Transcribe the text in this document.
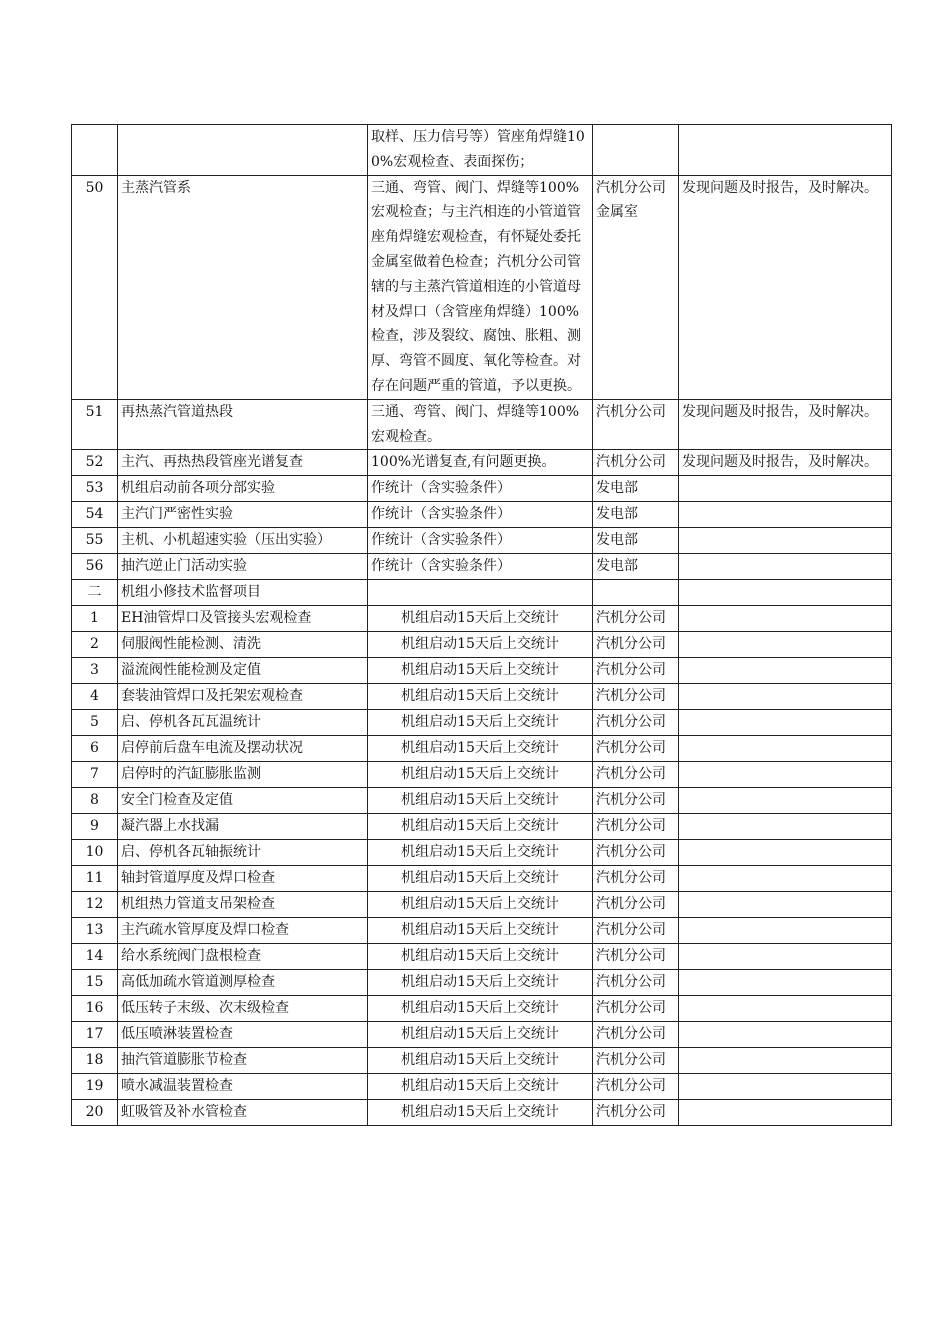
		取样、压力信号等）管座角焊缝100%宏观检查、表面探伤；		
50	主蒸汽管系	三通、弯管、阀门、焊缝等100%宏观检查；与主汽相连的小管道管座角焊缝宏观检查，有怀疑处委托金属室做着色检查；汽机分公司管辖的与主蒸汽管道相连的小管道母材及焊口（含管座角焊缝）100%检查，涉及裂纹、腐蚀、胀粗、测厚、弯管不圆度、氧化等检查。对存在问题严重的管道，予以更换。	汽机分公司金属室	发现问题及时报告，及时解决。
51	再热蒸汽管道热段	三通、弯管、阀门、焊缝等100%宏观检查。	汽机分公司	发现问题及时报告，及时解决。
52	主汽、再热热段管座光谱复查	100%光谱复查,有问题更换。	汽机分公司	发现问题及时报告，及时解决。
53	机组启动前各项分部实验	作统计（含实验条件）	发电部	
54	主汽门严密性实验	作统计（含实验条件）	发电部	
55	主机、小机超速实验（压出实验）	作统计（含实验条件）	发电部	
56	抽汽逆止门活动实验	作统计（含实验条件）	发电部	
二	机组小修技术监督项目			
1	EH油管焊口及管接头宏观检查	机组启动15天后上交统计	汽机分公司	
2	伺服阀性能检测、清洗	机组启动15天后上交统计	汽机分公司	
3	溢流阀性能检测及定值	机组启动15天后上交统计	汽机分公司	
4	套装油管焊口及托架宏观检查	机组启动15天后上交统计	汽机分公司	
5	启、停机各瓦瓦温统计	机组启动15天后上交统计	汽机分公司	
6	启停前后盘车电流及摆动状况	机组启动15天后上交统计	汽机分公司	
7	启停时的汽缸膨胀监测	机组启动15天后上交统计	汽机分公司	
8	安全门检查及定值	机组启动15天后上交统计	汽机分公司	
9	凝汽器上水找漏	机组启动15天后上交统计	汽机分公司	
10	启、停机各瓦轴振统计	机组启动15天后上交统计	汽机分公司	
11	轴封管道厚度及焊口检查	机组启动15天后上交统计	汽机分公司	
12	机组热力管道支吊架检查	机组启动15天后上交统计	汽机分公司	
13	主汽疏水管厚度及焊口检查	机组启动15天后上交统计	汽机分公司	
14	给水系统阀门盘根检查	机组启动15天后上交统计	汽机分公司	
15	高低加疏水管道测厚检查	机组启动15天后上交统计	汽机分公司	
16	低压转子末级、次末级检查	机组启动15天后上交统计	汽机分公司	
17	低压喷淋装置检查	机组启动15天后上交统计	汽机分公司	
18	抽汽管道膨胀节检查	机组启动15天后上交统计	汽机分公司	
19	喷水减温装置检查	机组启动15天后上交统计	汽机分公司	
20	虹吸管及补水管检查	机组启动15天后上交统计	汽机分公司	
